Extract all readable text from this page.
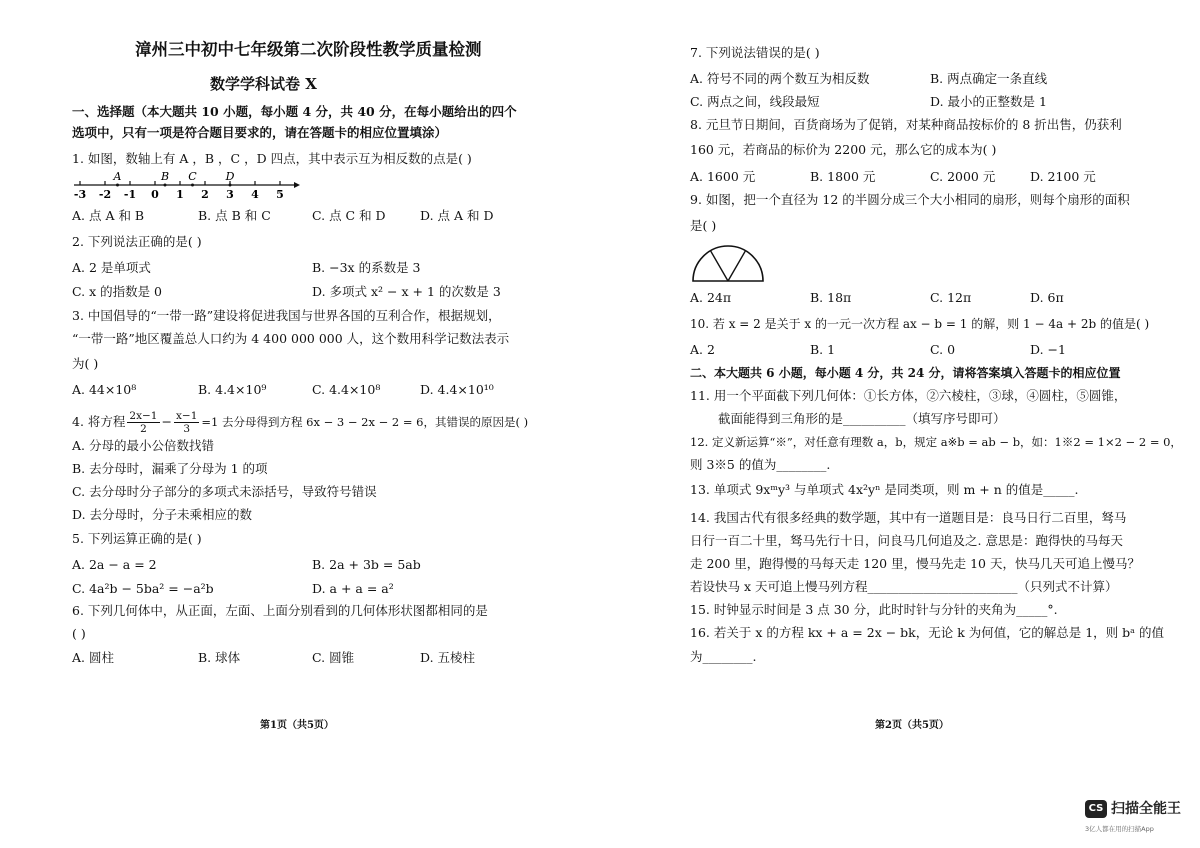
漳州三中初中七年级第二次阶段性教学质量检测
数学学科试卷 X
一、选择题（本大题共 10 小题，每小题 4 分，共 40 分，在每小题给出的四个
选项中，只有一项是符合题目要求的，请在答题卡的相应位置填涂）
1. 如图，数轴上有 A ，B ，C ，D 四点，其中表示互为相反数的点是( )
-3 -2 -1 0 1 2 3 4 5
A	B C	D
A. 点 A 和 B	B. 点 B 和 C	C. 点 C 和 D	D. 点 A 和 D
2. 下列说法正确的是( )
A. 2 是单项式	B. −3x 的系数是 3
C. x 的指数是 0	D. 多项式 x² − x + 1 的次数是 3
3. 中国倡导的“一带一路”建设将促进我国与世界各国的互利合作，根据规划，
“一带一路”地区覆盖总人口约为 4 400 000 000 人，这个数用科学记数法表示
为( )
A. 44×10⁸	B. 4.4×10⁹	C. 4.4×10⁸	D. 4.4×10¹⁰
4. 将方程 $\frac{2x-1}{2} - \frac{x-1}{3} =1$ 去分母得到方程 6x − 3 − 2x − 2 = 6，其错误的原因是( )
A. 分母的最小公倍数找错
B. 去分母时，漏乘了分母为 1 的项
C. 去分母时分子部分的多项式未添括号，导致符号错误
D. 去分母时，分子未乘相应的数
5. 下列运算正确的是( )
A. 2a − a = 2	B. 2a + 3b = 5ab
C. 4a²b − 5ba² = −a²b	D. a + a = a²
6. 下列几何体中，从正面，左面、上面分别看到的几何体形状图都相同的是
( )
A. 圆柱	B. 球体	C. 圆锥	D. 五棱柱
第1页（共5页）
7. 下列说法错误的是( )
A. 符号不同的两个数互为相反数	B. 两点确定一条直线
C. 两点之间，线段最短	D. 最小的正整数是 1
8. 元旦节日期间，百货商场为了促销，对某种商品按标价的 8 折出售，仍获利
160 元，若商品的标价为 2200 元，那么它的成本为( )
A. 1600 元	B. 1800 元	C. 2000 元	D. 2100 元
9. 如图，把一个直径为 12 的半圆分成三个大小相同的扇形，则每个扇形的面积
是( )
A. 24π	B. 18π	C. 12π	D. 6π
10. 若 x = 2 是关于 x 的一元一次方程 ax − b = 1 的解，则 1 − 4a + 2b 的值是( )
A. 2	B. 1	C. 0	D. −1
二、本大题共 6 小题，每小题 4 分，共 24 分，请将答案填入答题卡的相应位置
11. 用一个平面截下列几何体：①长方体，②六棱柱，③球，④圆柱，⑤圆锥，
截面能得到三角形的是__________（填写序号即可）
12. 定义新运算“※”，对任意有理数 a，b，规定 a※b = ab − b，如：1※2 = 1×2 − 2 = 0，
则 3※5 的值为________.
13. 单项式 9xᵐy³ 与单项式 4x²yⁿ 是同类项，则 m + n 的值是_____.
14. 我国古代有很多经典的数学题，其中有一道题目是：良马日行二百里，驽马
日行一百二十里，驽马先行十日，问良马几何追及之. 意思是：跑得快的马每天
走 200 里，跑得慢的马每天走 120 里，慢马先走 10 天，快马几天可追上慢马？
若设快马 x 天可追上慢马列方程________________________（只列式不计算）
15. 时钟显示时间是 3 点 30 分，此时时针与分针的夹角为_____°.
16. 若关于 x 的方程 kx + a = 2x − bk，无论 k 为何值，它的解总是 1，则 bᵃ 的值
为________.
第2页（共5页）
CS 扫描全能王
3亿人都在用的扫描App
